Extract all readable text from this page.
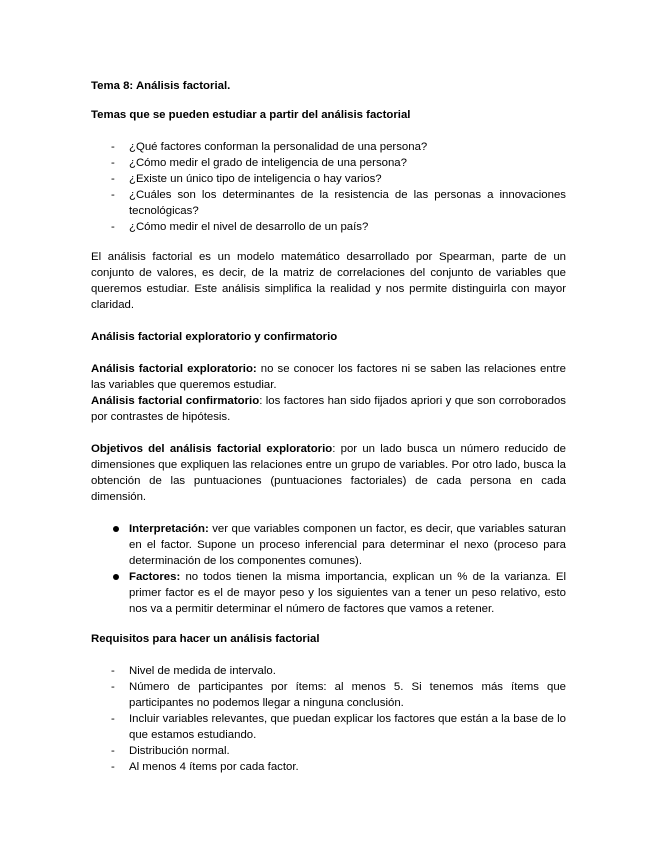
Tema 8: Análisis factorial.

Temas que se pueden estudiar a partir del análisis factorial

- ¿Qué factores conforman la personalidad de una persona?
- ¿Cómo medir el grado de inteligencia de una persona?
- ¿Existe un único tipo de inteligencia o hay varios?
- ¿Cuáles son los determinantes de la resistencia de las personas a innovaciones tecnológicas?
- ¿Cómo medir el nivel de desarrollo de un país?

El análisis factorial es un modelo matemático desarrollado por Spearman, parte de un conjunto de valores, es decir, de la matriz de correlaciones del conjunto de variables que queremos estudiar. Este análisis simplifica la realidad y nos permite distinguirla con mayor claridad.

Análisis factorial exploratorio y confirmatorio

Análisis factorial exploratorio: no se conocer los factores ni se saben las relaciones entre las variables que queremos estudiar.

Análisis factorial confirmatorio: los factores han sido fijados apriori y que son corroborados por contrastes de hipótesis.

Objetivos del análisis factorial exploratorio: por un lado busca un número reducido de dimensiones que expliquen las relaciones entre un grupo de variables. Por otro lado, busca la obtención de las puntuaciones (puntuaciones factoriales) de cada persona en cada dimensión.

Interpretación: ver que variables componen un factor, es decir, que variables saturan en el factor. Supone un proceso inferencial para determinar el nexo (proceso para determinación de los componentes comunes).
Factores: no todos tienen la misma importancia, explican un % de la varianza. El primer factor es el de mayor peso y los siguientes van a tener un peso relativo, esto nos va a permitir determinar el número de factores que vamos a retener.

Requisitos para hacer un análisis factorial

- Nivel de medida de intervalo.
- Número de participantes por ítems: al menos 5. Si tenemos más ítems que participantes no podemos llegar a ninguna conclusión.
- Incluir variables relevantes, que puedan explicar los factores que están a la base de lo que estamos estudiando.
- Distribución normal.
- Al menos 4 ítems por cada factor.
